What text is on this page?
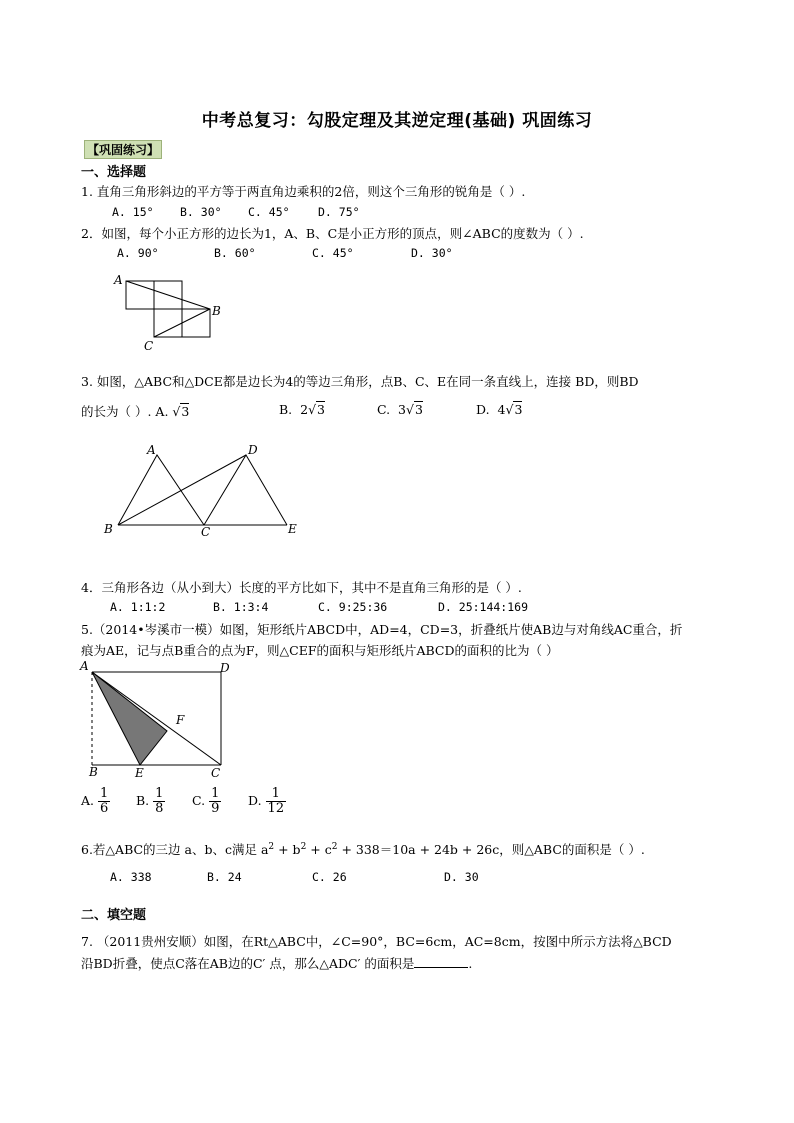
中考总复习：勾股定理及其逆定理(基础) 巩固练习
【巩固练习】
一、选择题
1. 直角三角形斜边的平方等于两直角边乘积的2倍，则这个三角形的锐角是（ ）.
A. 15° B. 30° C. 45° D. 75°
2．如图，每个小正方形的边长为1，A、B、C是小正方形的顶点，则∠ABC的度数为（ ）.
A. 90°	B. 60°	C. 45°	D. 30°
A
B
C
3. 如图，△ABC和△DCE都是边长为4的等边三角形，点B、C、E在同一条直线上，连接 BD，则BD
的长为（ ）. A. √3	B. 2√3	C. 3√3	D. 4√3
A	D
B	C	E
4．三角形各边（从小到大）长度的平方比如下，其中不是直角三角形的是（ ）.
A. 1:1:2	B. 1:3:4	C. 9:25:36	D. 25:144:169
5.（2014•岑溪市一模）如图，矩形纸片ABCD中，AD=4，CD=3，折叠纸片使AB边与对角线AC重合，折
痕为AE，记与点B重合的点为F，则△CEF的面积与矩形纸片ABCD的面积的比为（ ）
A	D
F
B	E	C
A. $\frac{1}{6} B$. $\frac{1}{8} C$. $\frac{1}{9} D$. $\frac{1}{12}$
6.若△ABC的三边 a、b、c满足 $a^2 + b^2 + c^2 + 338=10a + 24b + 26c$，则△ABC的面积是（ ）.
A. 338	B. 24	C. 26	D. 30
二、填空题
7. （2011贵州安顺）如图，在Rt△ABC中，∠C=90°，BC=6cm，AC=8cm，按图中所示方法将△BCD
沿BD折叠，使点C落在AB边的C′ 点，那么△ADC′ 的面积是	.
